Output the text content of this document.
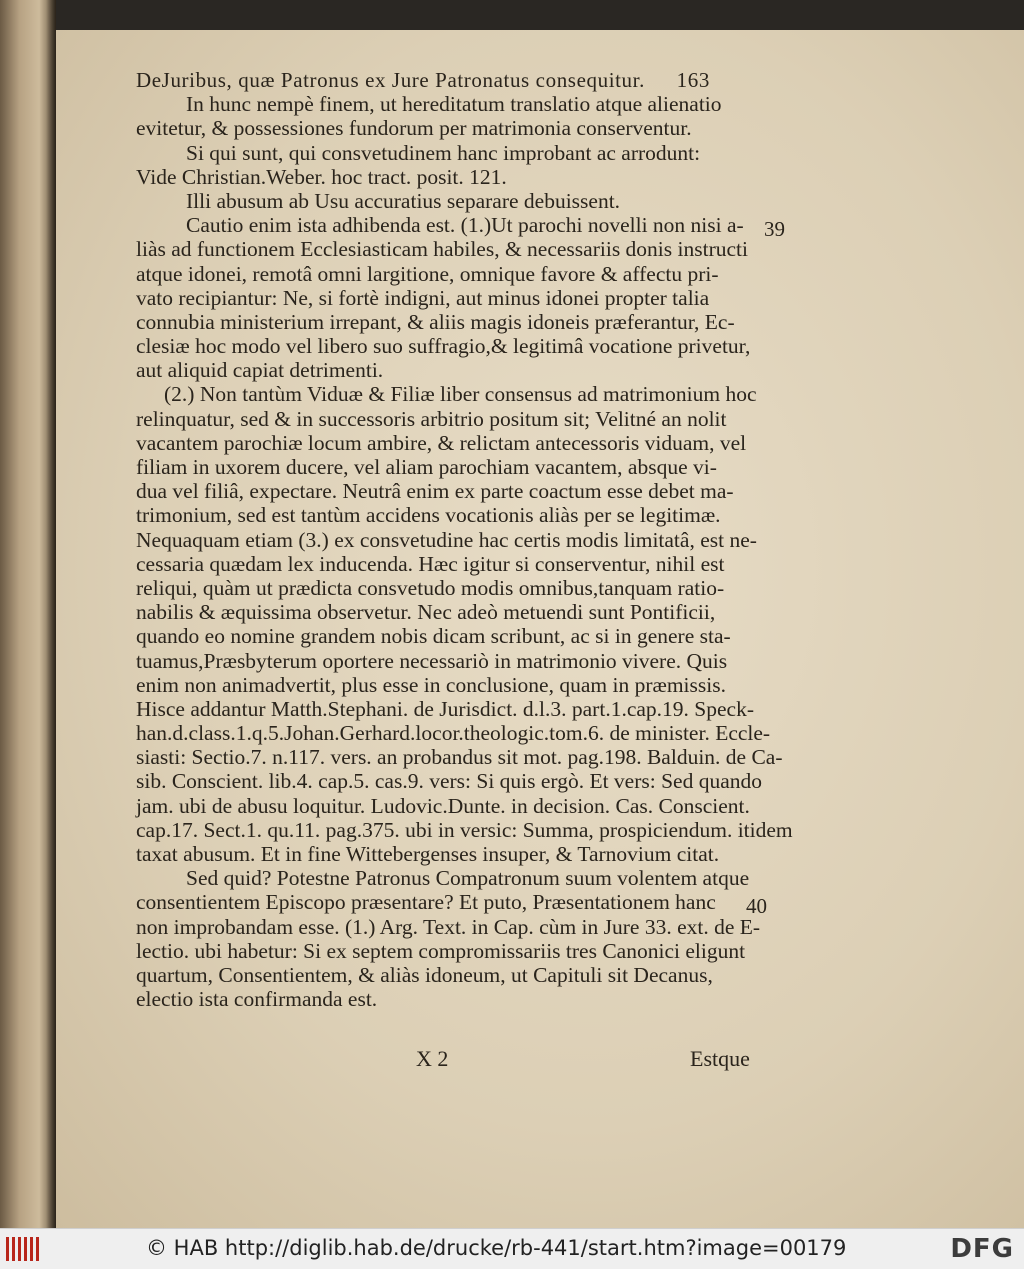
DeJuribus, quæ Patronus ex Jure Patronatus consequitur. 163
In hunc nempè finem, ut hereditatum translatio atque alienatio
evitetur, & possessiones fundorum per matrimonia conserventur.
Si qui sunt, qui consvetudinem hanc improbant ac arrodunt:
Vide Christian.Weber. hoc tract. posit. 121.
Illi abusum ab Usu accuratius separare debuissent.
Cautio enim ista adhibenda est. (1.)Ut parochi novelli non nisi a-
liàs ad functionem Ecclesiasticam habiles, & necessariis donis instructi
atque idonei, remotâ omni largitione, omnique favore & affectu pri-
vato recipiantur: Ne, si fortè indigni, aut minus idonei propter talia
connubia ministerium irrepant, & aliis magis idoneis præferantur, Ec-
clesiæ hoc modo vel libero suo suffragio,& legitimâ vocatione privetur,
aut aliquid capiat detrimenti.
(2.) Non tantùm Viduæ & Filiæ liber consensus ad matrimonium hoc
relinquatur, sed & in successoris arbitrio positum sit; Velitné an nolit
vacantem parochiæ locum ambire, & relictam antecessoris viduam, vel
filiam in uxorem ducere, vel aliam parochiam vacantem, absque vi-
dua vel filiâ, expectare. Neutrâ enim ex parte coactum esse debet ma-
trimonium, sed est tantùm accidens vocationis aliàs per se legitimæ.
Nequaquam etiam (3.) ex consvetudine hac certis modis limitatâ, est ne-
cessaria quædam lex inducenda. Hæc igitur si conserventur, nihil est
reliqui, quàm ut prædicta consvetudo modis omnibus,tanquam ratio-
nabilis & æquissima observetur. Nec adeò metuendi sunt Pontificii,
quando eo nomine grandem nobis dicam scribunt, ac si in genere sta-
tuamus,Præsbyterum oportere necessariò in matrimonio vivere. Quis
enim non animadvertit, plus esse in conclusione, quam in præmissis.
Hisce addantur Matth.Stephani. de Jurisdict. d.l.3. part.1.cap.19. Speck-
han.d.class.1.q.5.Johan.Gerhard.locor.theologic.tom.6. de minister. Eccle-
siasti: Sectio.7. n.117. vers. an probandus sit mot. pag.198. Balduin. de Ca-
sib. Conscient. lib.4. cap.5. cas.9. vers: Si quis ergò. Et vers: Sed quando
jam. ubi de abusu loquitur. Ludovic.Dunte. in decision. Cas. Conscient.
cap.17. Sect.1. qu.11. pag.375. ubi in versic: Summa, prospiciendum. itidem
taxat abusum. Et in fine Wittebergenses insuper, & Tarnovium citat.
Sed quid? Potestne Patronus Compatronum suum volentem atque
consentientem Episcopo præsentare? Et puto, Præsentationem hanc
non improbandam esse. (1.) Arg. Text. in Cap. cùm in Jure 33. ext. de E-
lectio. ubi habetur: Si ex septem compromissariis tres Canonici eligunt
quartum, Consentientem, & aliàs idoneum, ut Capituli sit Decanus,
electio ista confirmanda est.
39
40
X 2	Estque
© HAB http://diglib.hab.de/drucke/rb-441/start.htm?image=00179	DFG
